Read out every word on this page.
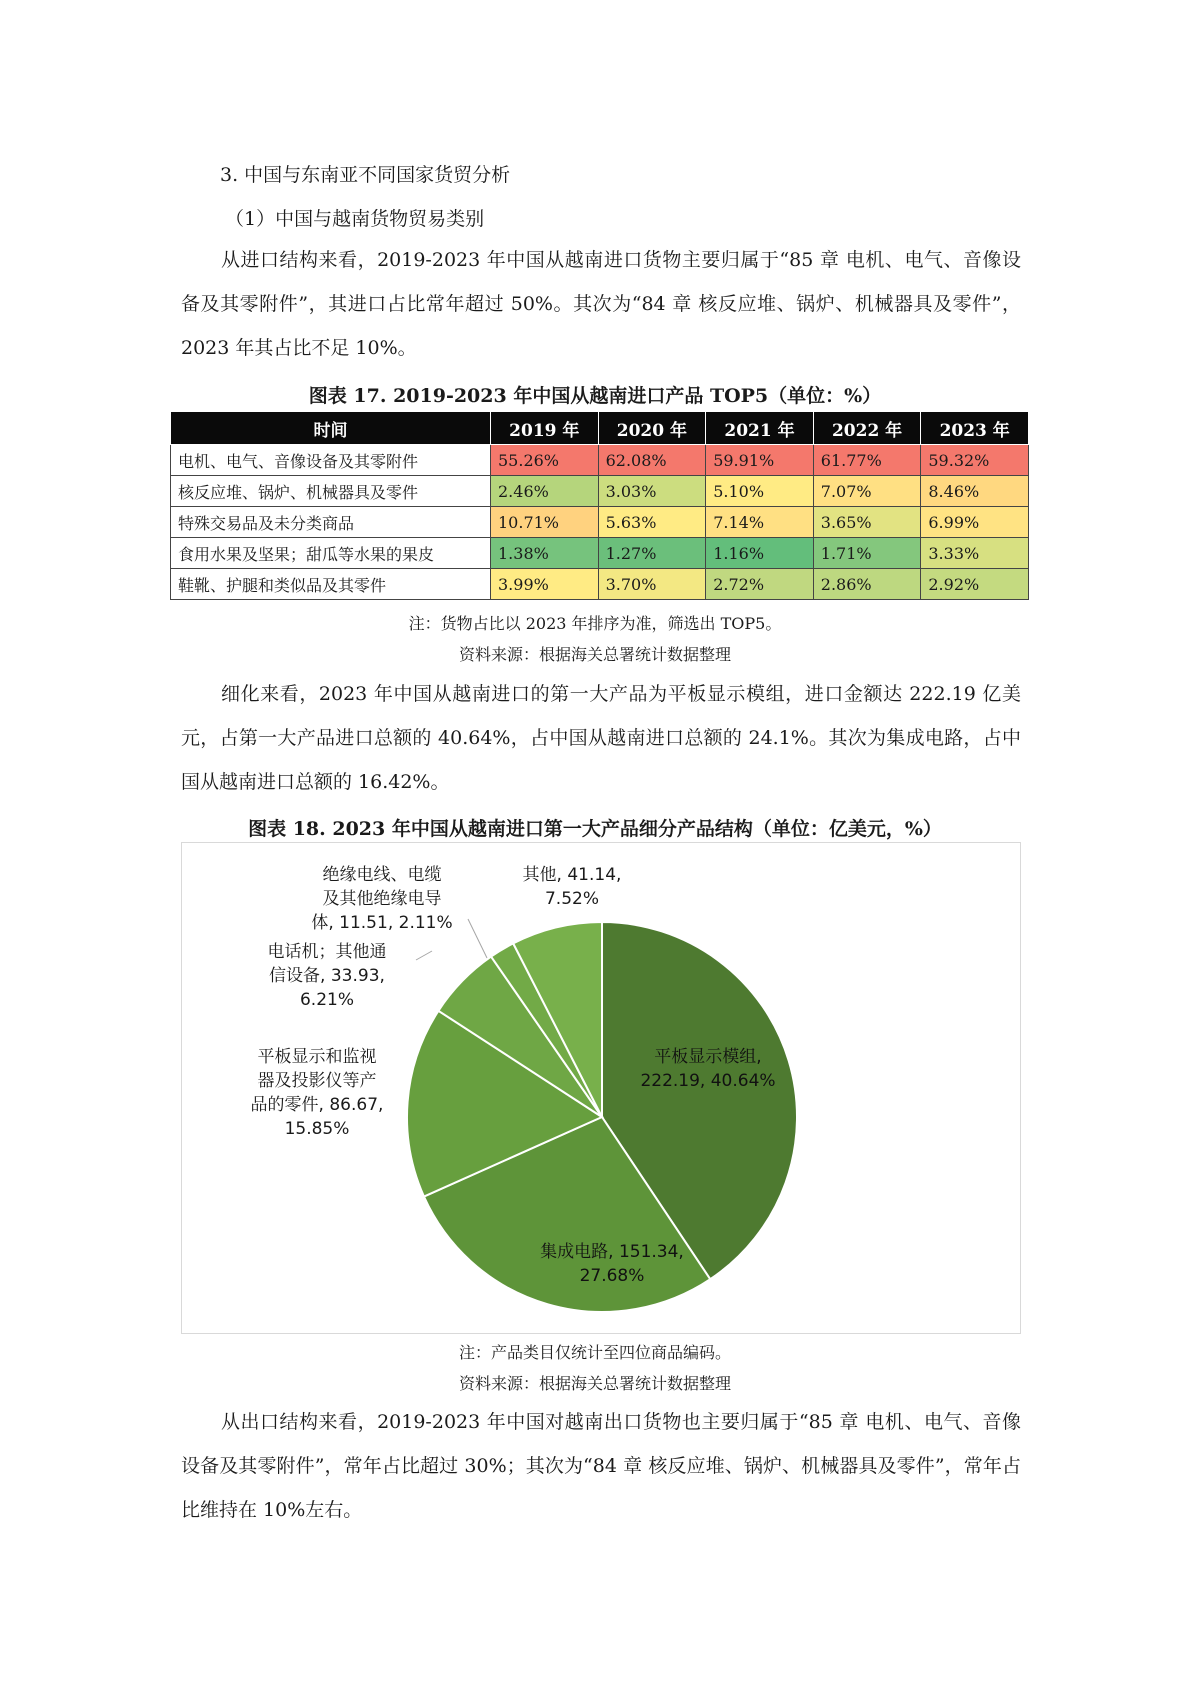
3. 中国与东南亚不同国家货贸分析

（1）中国与越南货物贸易类别

从进口结构来看，2019-2023 年中国从越南进口货物主要归属于“85 章 电机、电气、音像设备及其零附件”，其进口占比常年超过 50%。其次为“84 章 核反应堆、锅炉、机械器具及零件”，2023 年其占比不足 10%。

图表 17. 2019-2023 年中国从越南进口产品 TOP5（单位：%）

时间	2019 年	2020 年	2021 年	2022 年	2023 年
电机、电气、音像设备及其零附件	55.26%	62.08%	59.91%	61.77%	59.32%
核反应堆、锅炉、机械器具及零件	2.46%	3.03%	5.10%	7.07%	8.46%
特殊交易品及未分类商品	10.71%	5.63%	7.14%	3.65%	6.99%
食用水果及坚果；甜瓜等水果的果皮	1.38%	1.27%	1.16%	1.71%	3.33%
鞋靴、护腿和类似品及其零件	3.99%	3.70%	2.72%	2.86%	2.92%

注：货物占比以 2023 年排序为准，筛选出 TOP5。

资料来源：根据海关总署统计数据整理

细化来看，2023 年中国从越南进口的第一大产品为平板显示模组，进口金额达 222.19 亿美元，占第一大产品进口总额的 40.64%，占中国从越南进口总额的 24.1%。其次为集成电路，占中国从越南进口总额的 16.42%。

图表 18. 2023 年中国从越南进口第一大产品细分产品结构（单位：亿美元，%）

平板显示模组, 222.19, 40.64%
集成电路, 151.34, 27.68%
平板显示和监视器及投影仪等产品的零件, 86.67, 15.85%
电话机；其他通信设备, 33.93, 6.21%
绝缘电线、电缆及其他绝缘电导体, 11.51, 2.11%
其他, 41.14, 7.52%

注：产品类目仅统计至四位商品编码。

资料来源：根据海关总署统计数据整理

从出口结构来看，2019-2023 年中国对越南出口货物也主要归属于“85 章 电机、电气、音像设备及其零附件”，常年占比超过 30%；其次为“84 章 核反应堆、锅炉、机械器具及零件”，常年占比维持在 10%左右。
